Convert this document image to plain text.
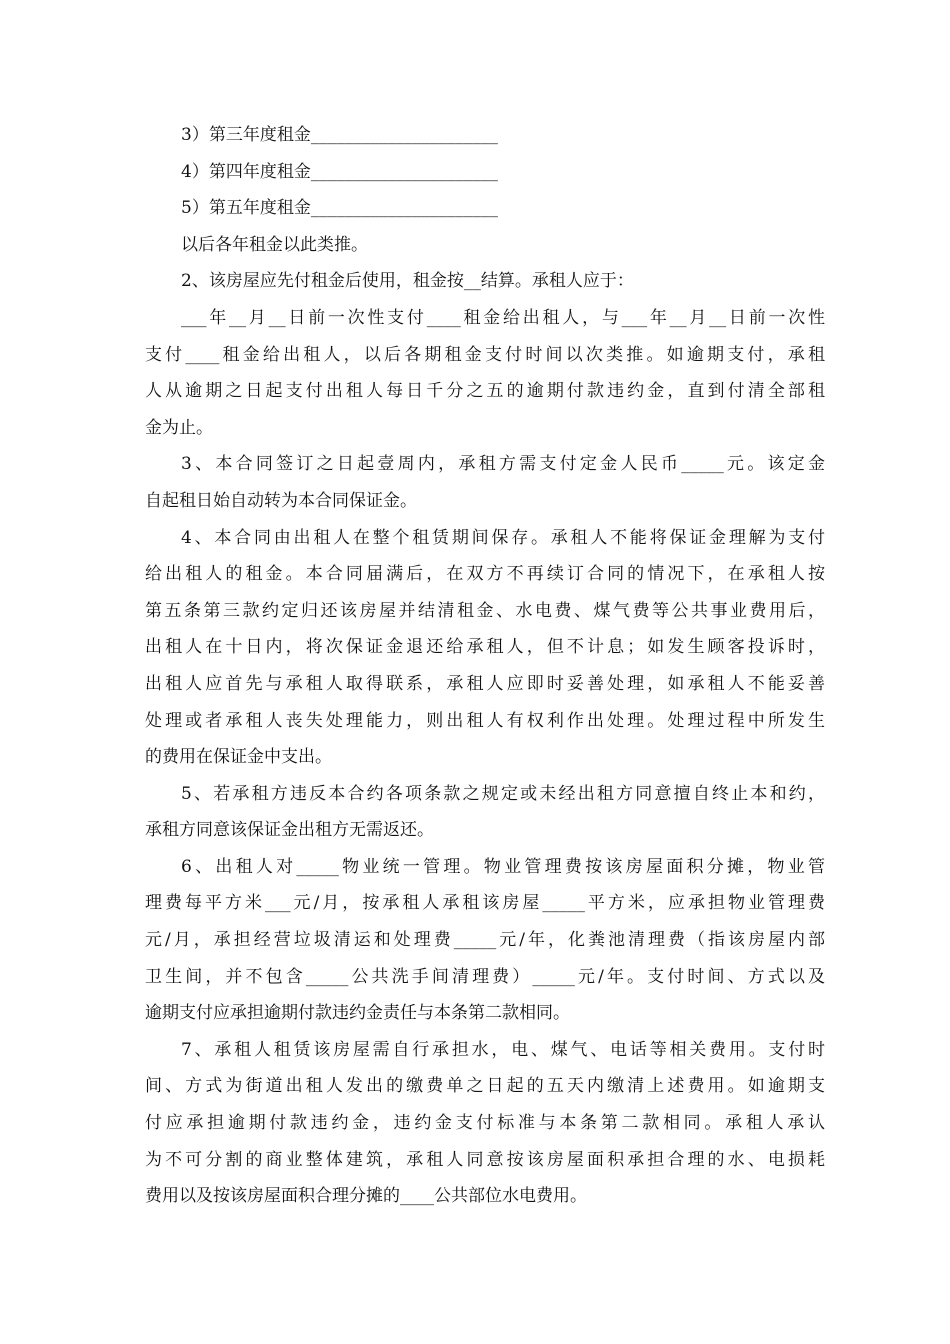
3）第三年度租金______________________
4）第四年度租金______________________
5）第五年度租金______________________
以后各年租金以此类推。
2、该房屋应先付租金后使用，租金按__结算。承租人应于：
___年__月__日前一次性支付____租金给出租人，与___年__月__日前一次性
支付____租金给出租人，以后各期租金支付时间以次类推。如逾期支付，承租
人从逾期之日起支付出租人每日千分之五的逾期付款违约金，直到付清全部租
金为止。
3、本合同签订之日起壹周内，承租方需支付定金人民币_____元。该定金
自起租日始自动转为本合同保证金。
4、本合同由出租人在整个租赁期间保存。承租人不能将保证金理解为支付
给出租人的租金。本合同届满后，在双方不再续订合同的情况下，在承租人按
第五条第三款约定归还该房屋并结清租金、水电费、煤气费等公共事业费用后，
出租人在十日内，将次保证金退还给承租人，但不计息；如发生顾客投诉时，
出租人应首先与承租人取得联系，承租人应即时妥善处理，如承租人不能妥善
处理或者承租人丧失处理能力，则出租人有权利作出处理。处理过程中所发生
的费用在保证金中支出。
5、若承租方违反本合约各项条款之规定或未经出租方同意擅自终止本和约，
承租方同意该保证金出租方无需返还。
6、出租人对_____物业统一管理。物业管理费按该房屋面积分摊，物业管
理费每平方米___元/月，按承租人承租该房屋_____平方米，应承担物业管理费
元/月，承担经营垃圾清运和处理费_____元/年，化粪池清理费（指该房屋内部
卫生间，并不包含_____公共洗手间清理费）_____元/年。支付时间、方式以及
逾期支付应承担逾期付款违约金责任与本条第二款相同。
7、承租人租赁该房屋需自行承担水，电、煤气、电话等相关费用。支付时
间、方式为街道出租人发出的缴费单之日起的五天内缴清上述费用。如逾期支
付应承担逾期付款违约金，违约金支付标准与本条第二款相同。承租人承认
为不可分割的商业整体建筑，承租人同意按该房屋面积承担合理的水、电损耗
费用以及按该房屋面积合理分摊的____公共部位水电费用。
